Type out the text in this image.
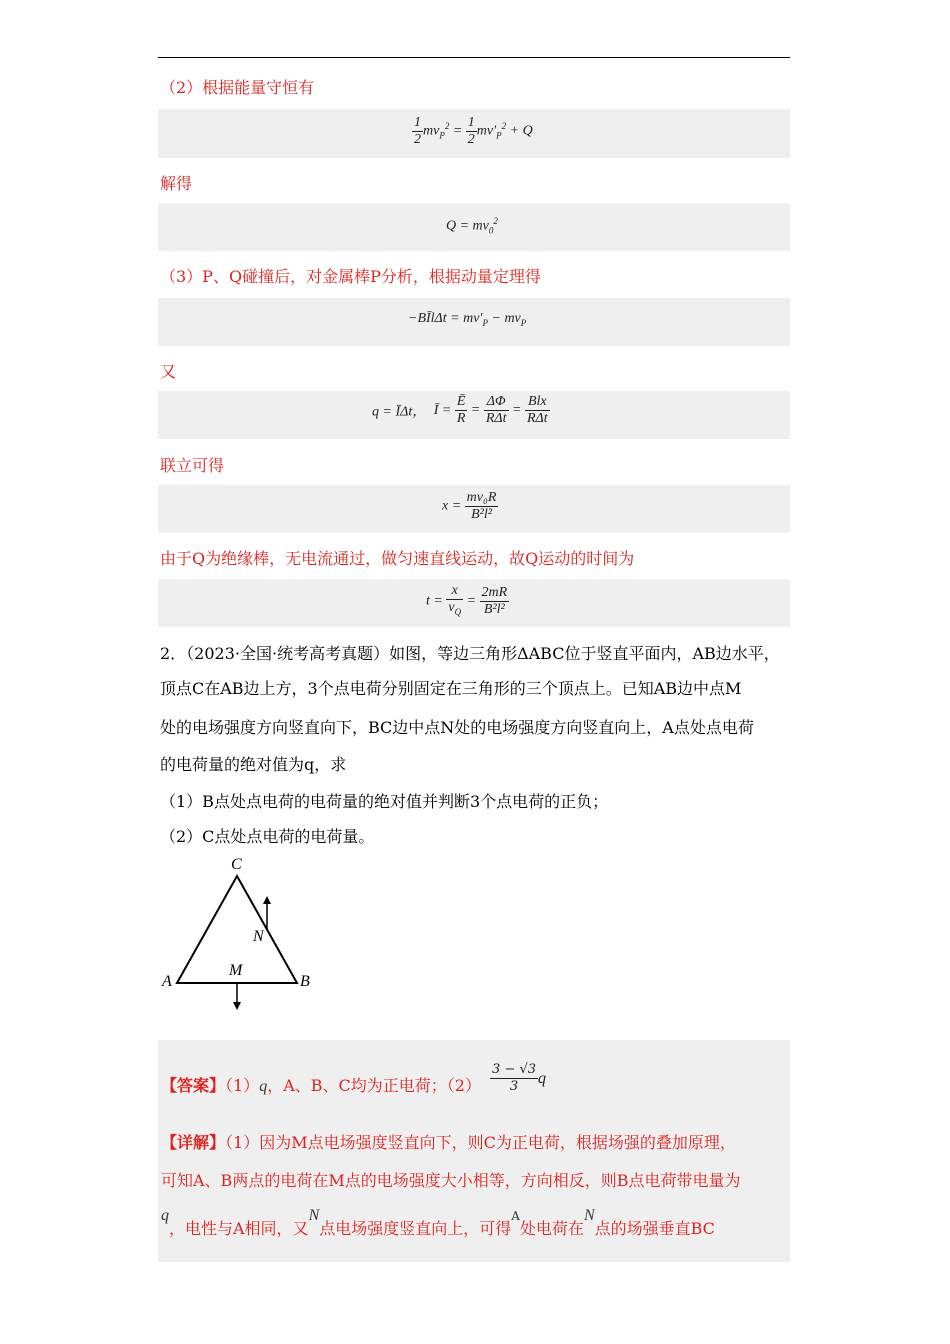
（2）根据能量守恒有
$\frac{1}{2} mv_P^2 = \frac{1}{2} mv'_P^2 + Q$
解得
$Q = mv_0^2$
（3）P、Q碰撞后，对金属棒P分析，根据动量定理得
−BĪlΔt = $mv'_P - mv_P$
又
q = ĪΔt， Ī = $\frac{Ē}{R} = \frac{\Delta\Phi}{\text{RΔt}} = \frac{\text{Blx}}{\text{RΔt}}$
联立可得
$x = \frac{\text{mv₀R}}{\text{B²l²}}$
由于Q为绝缘棒，无电流通过，做匀速直线运动，故Q运动的时间为
$t = \frac{x}{v_Q} = \frac{2mR}{\text{B²l²}}$
2．（2023·全国·统考高考真题）如图，等边三角形ΔABC位于竖直平面内，AB边水平，
顶点C在AB边上方，3个点电荷分别固定在三角形的三个顶点上。已知AB边中点M
处的电场强度方向竖直向下，BC边中点N处的电场强度方向竖直向上，A点处点电荷
的电荷量的绝对值为q，求
（1）B点处点电荷的电荷量的绝对值并判断3个点电荷的正负；
（2）C点处点电荷的电荷量。
C
N
A
M
B
【答案】（1）q，A、B、C均为正电荷；$(2) \frac{3 - √3}{3}$ q
【详解】（1）因为M点电场强度竖直向下，则C为正电荷，根据场强的叠加原理，
可知A、B两点的电荷在M点的电场强度大小相等，方向相反，则B点电荷带电量为
q，电性与A相同，又N点电场强度竖直向上，可得$^A$处电荷在N点的场强垂直BC
